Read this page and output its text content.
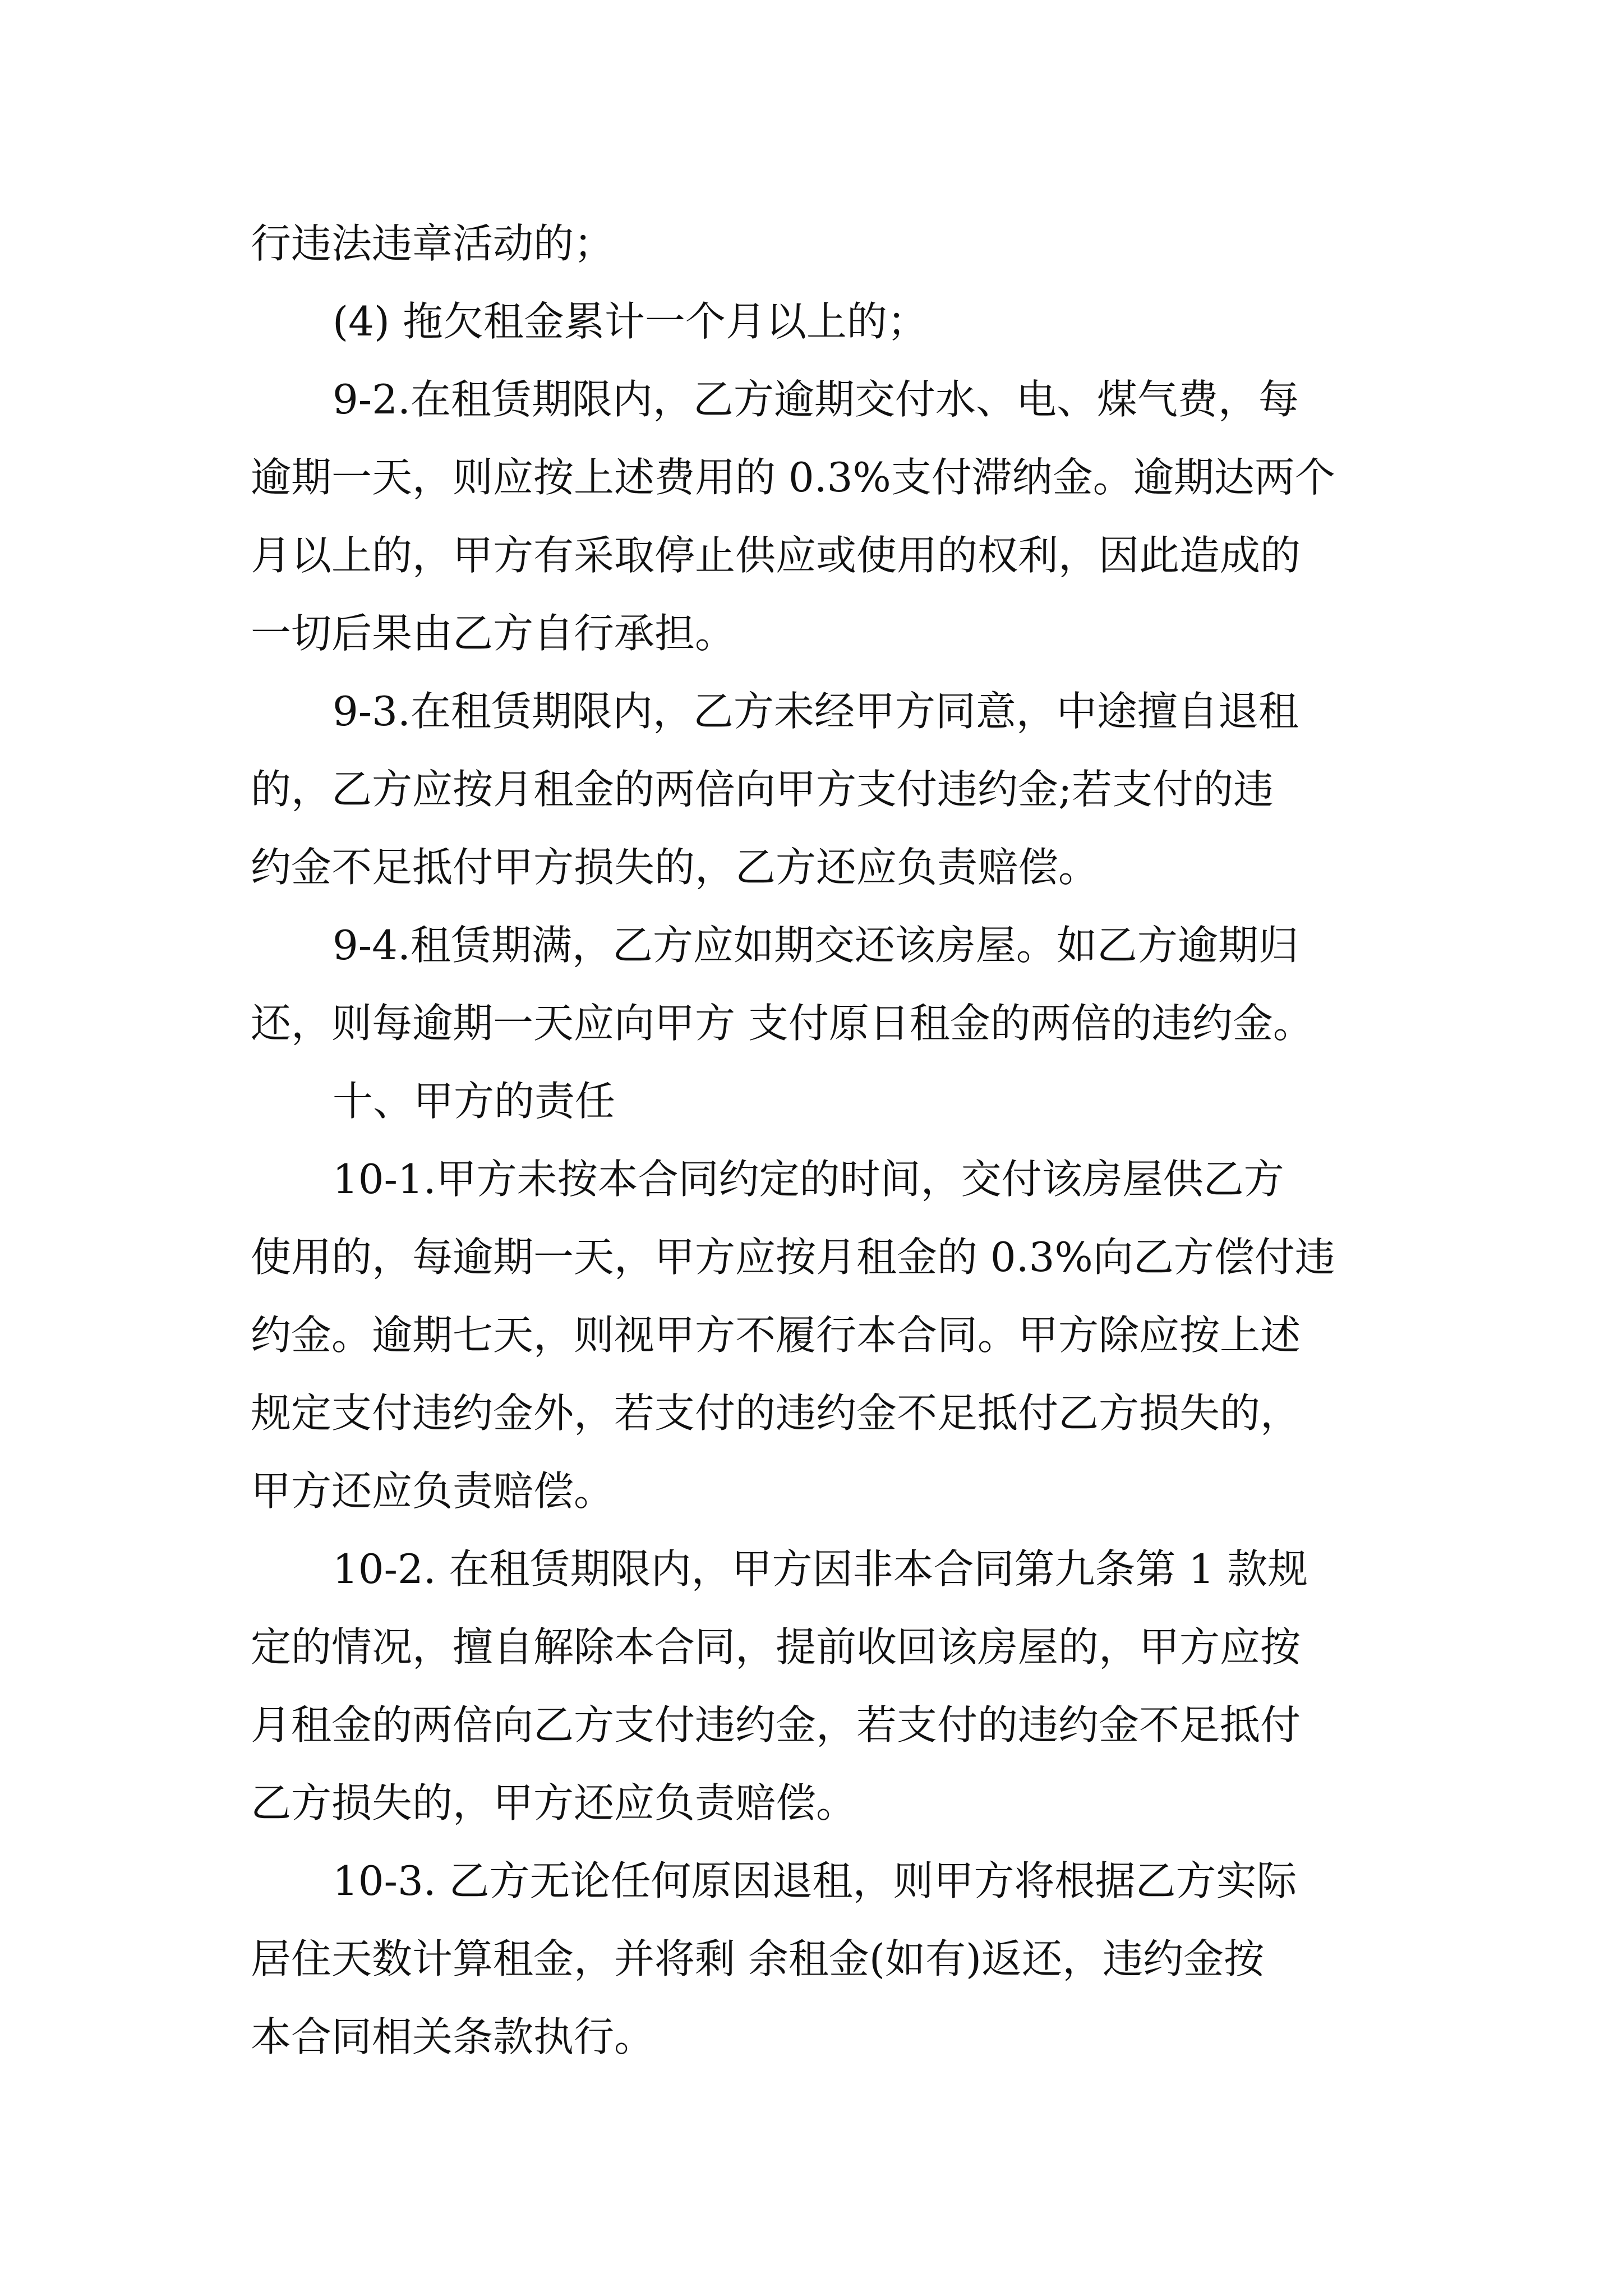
行违法违章活动的；
(4) 拖欠租金累计一个月以上的；
9-2.在租赁期限内，乙方逾期交付水、电、煤气费，每
逾期一天，则应按上述费用的 0.3%支付滞纳金。逾期达两个
月以上的，甲方有采取停止供应或使用的权利，因此造成的
一切后果由乙方自行承担。
9-3.在租赁期限内，乙方未经甲方同意，中途擅自退租
的，乙方应按月租金的两倍向甲方支付违约金;若支付的违
约金不足抵付甲方损失的，乙方还应负责赔偿。
9-4.租赁期满，乙方应如期交还该房屋。如乙方逾期归
还，则每逾期一天应向甲方 支付原日租金的两倍的违约金。
十、甲方的责任
10-1.甲方未按本合同约定的时间，交付该房屋供乙方
使用的，每逾期一天，甲方应按月租金的 0.3%向乙方偿付违
约金。逾期七天，则视甲方不履行本合同。甲方除应按上述
规定支付违约金外，若支付的违约金不足抵付乙方损失的，
甲方还应负责赔偿。
10-2. 在租赁期限内，甲方因非本合同第九条第 1 款规
定的情况，擅自解除本合同，提前收回该房屋的，甲方应按
月租金的两倍向乙方支付违约金，若支付的违约金不足抵付
乙方损失的，甲方还应负责赔偿。
10-3. 乙方无论任何原因退租，则甲方将根据乙方实际
居住天数计算租金，并将剩 余租金(如有)返还，违约金按
本合同相关条款执行。
